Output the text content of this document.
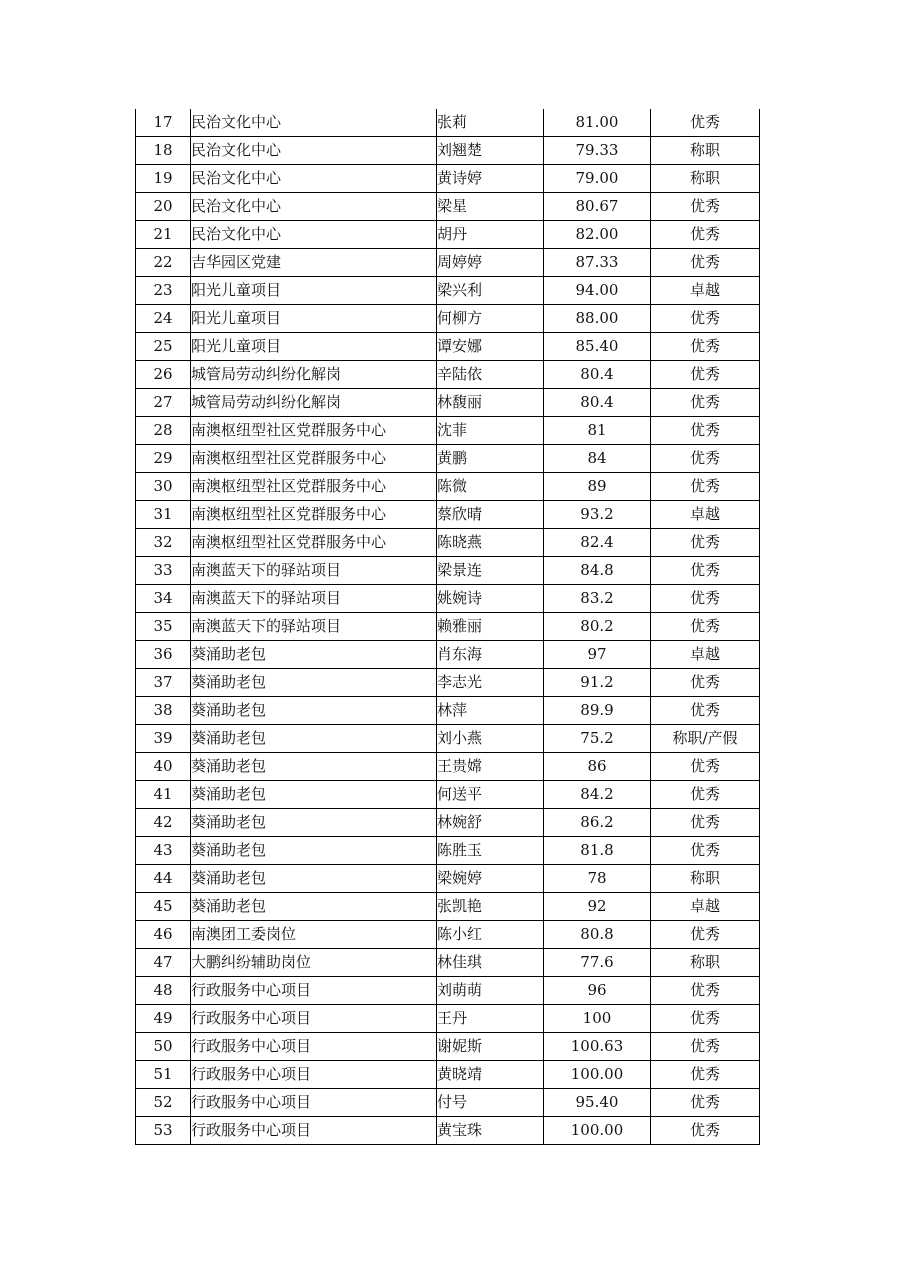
17	民治文化中心	张莉	81.00	优秀
18	民治文化中心	刘翘楚	79.33	称职
19	民治文化中心	黄诗婷	79.00	称职
20	民治文化中心	梁星	80.67	优秀
21	民治文化中心	胡丹	82.00	优秀
22	吉华园区党建	周婷婷	87.33	优秀
23	阳光儿童项目	梁兴利	94.00	卓越
24	阳光儿童项目	何柳方	88.00	优秀
25	阳光儿童项目	谭安娜	85.40	优秀
26	城管局劳动纠纷化解岗	辛陆依	80.4	优秀
27	城管局劳动纠纷化解岗	林馥丽	80.4	优秀
28	南澳枢纽型社区党群服务中心	沈菲	81	优秀
29	南澳枢纽型社区党群服务中心	黄鹏	84	优秀
30	南澳枢纽型社区党群服务中心	陈微	89	优秀
31	南澳枢纽型社区党群服务中心	蔡欣晴	93.2	卓越
32	南澳枢纽型社区党群服务中心	陈晓燕	82.4	优秀
33	南澳蓝天下的驿站项目	梁景连	84.8	优秀
34	南澳蓝天下的驿站项目	姚婉诗	83.2	优秀
35	南澳蓝天下的驿站项目	赖雅丽	80.2	优秀
36	葵涌助老包	肖东海	97	卓越
37	葵涌助老包	李志光	91.2	优秀
38	葵涌助老包	林萍	89.9	优秀
39	葵涌助老包	刘小燕	75.2	称职/产假
40	葵涌助老包	王贵嫦	86	优秀
41	葵涌助老包	何送平	84.2	优秀
42	葵涌助老包	林婉舒	86.2	优秀
43	葵涌助老包	陈胜玉	81.8	优秀
44	葵涌助老包	梁婉婷	78	称职
45	葵涌助老包	张凯艳	92	卓越
46	南澳团工委岗位	陈小红	80.8	优秀
47	大鹏纠纷辅助岗位	林佳琪	77.6	称职
48	行政服务中心项目	刘萌萌	96	优秀
49	行政服务中心项目	王丹	100	优秀
50	行政服务中心项目	谢妮斯	100.63	优秀
51	行政服务中心项目	黄晓靖	100.00	优秀
52	行政服务中心项目	付号	95.40	优秀
53	行政服务中心项目	黄宝珠	100.00	优秀
